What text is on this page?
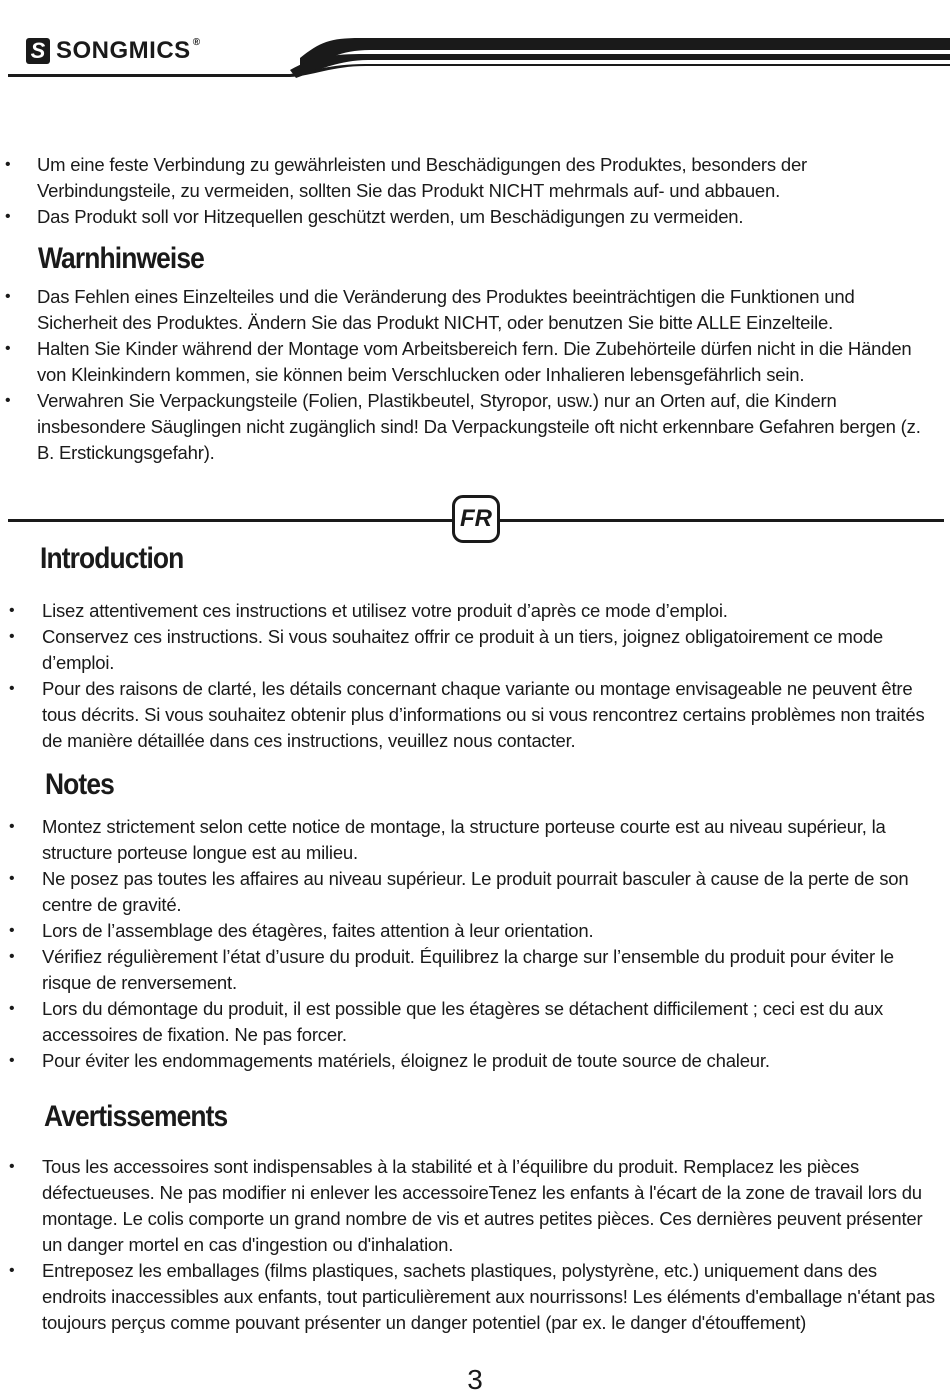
S SONGMICS ®
• Um eine feste Verbindung zu gewährleisten und Beschädigungen des Produktes, besonders der Verbindungsteile, zu vermeiden, sollten Sie das Produkt NICHT mehrmals auf- und abbauen.
• Das Produkt soll vor Hitzequellen geschützt werden, um Beschädigungen zu vermeiden.
Warnhinweise
• Das Fehlen eines Einzelteiles und die Veränderung des Produktes beeinträchtigen die Funktionen und Sicherheit des Produktes. Ändern Sie das Produkt NICHT, oder benutzen Sie bitte ALLE Einzelteile.
• Halten Sie Kinder während der Montage vom Arbeitsbereich fern. Die Zubehörteile dürfen nicht in die Händen von Kleinkindern kommen, sie können beim Verschlucken oder Inhalieren lebensgefährlich sein.
• Verwahren Sie Verpackungsteile (Folien, Plastikbeutel, Styropor, usw.) nur an Orten auf, die Kindern insbesondere Säuglingen nicht zugänglich sind! Da Verpackungsteile oft nicht erkennbare Gefahren bergen (z. B. Erstickungsgefahr).
FR
Introduction
• Lisez attentivement ces instructions et utilisez votre produit d’après ce mode d’emploi.
• Conservez ces instructions. Si vous souhaitez offrir ce produit à un tiers, joignez obligatoirement ce mode d’emploi.
• Pour des raisons de clarté, les détails concernant chaque variante ou montage envisageable ne peuvent être tous décrits. Si vous souhaitez obtenir plus d’informations ou si vous rencontrez certains problèmes non traités de manière détaillée dans ces instructions, veuillez nous contacter.
Notes
• Montez strictement selon cette notice de montage, la structure porteuse courte est au niveau supérieur, la structure porteuse longue est au milieu.
• Ne posez pas toutes les affaires au niveau supérieur. Le produit pourrait basculer à cause de la perte de son centre de gravité.
• Lors de l’assemblage des étagères, faites attention à leur orientation.
• Vérifiez régulièrement l’état d’usure du produit. Équilibrez la charge sur l’ensemble du produit pour éviter le risque de renversement.
• Lors du démontage du produit, il est possible que les étagères se détachent difficilement ; ceci est du aux accessoires de fixation. Ne pas forcer.
• Pour éviter les endommagements matériels, éloignez le produit de toute source de chaleur.
Avertissements
• Tous les accessoires sont indispensables à la stabilité et à l’équilibre du produit. Remplacez les pièces défectueuses. Ne pas modifier ni enlever les accessoireTenez les enfants à l'écart de la zone de travail lors du montage. Le colis comporte un grand nombre de vis et autres petites pièces. Ces dernières peuvent présenter un danger mortel en cas d'ingestion ou d'inhalation.
• Entreposez les emballages (films plastiques, sachets plastiques, polystyrène, etc.) uniquement dans des endroits inaccessibles aux enfants, tout particulièrement aux nourrissons! Les éléments d'emballage n'étant pas toujours perçus comme pouvant présenter un danger potentiel (par ex. le danger d'étouffement)
3
